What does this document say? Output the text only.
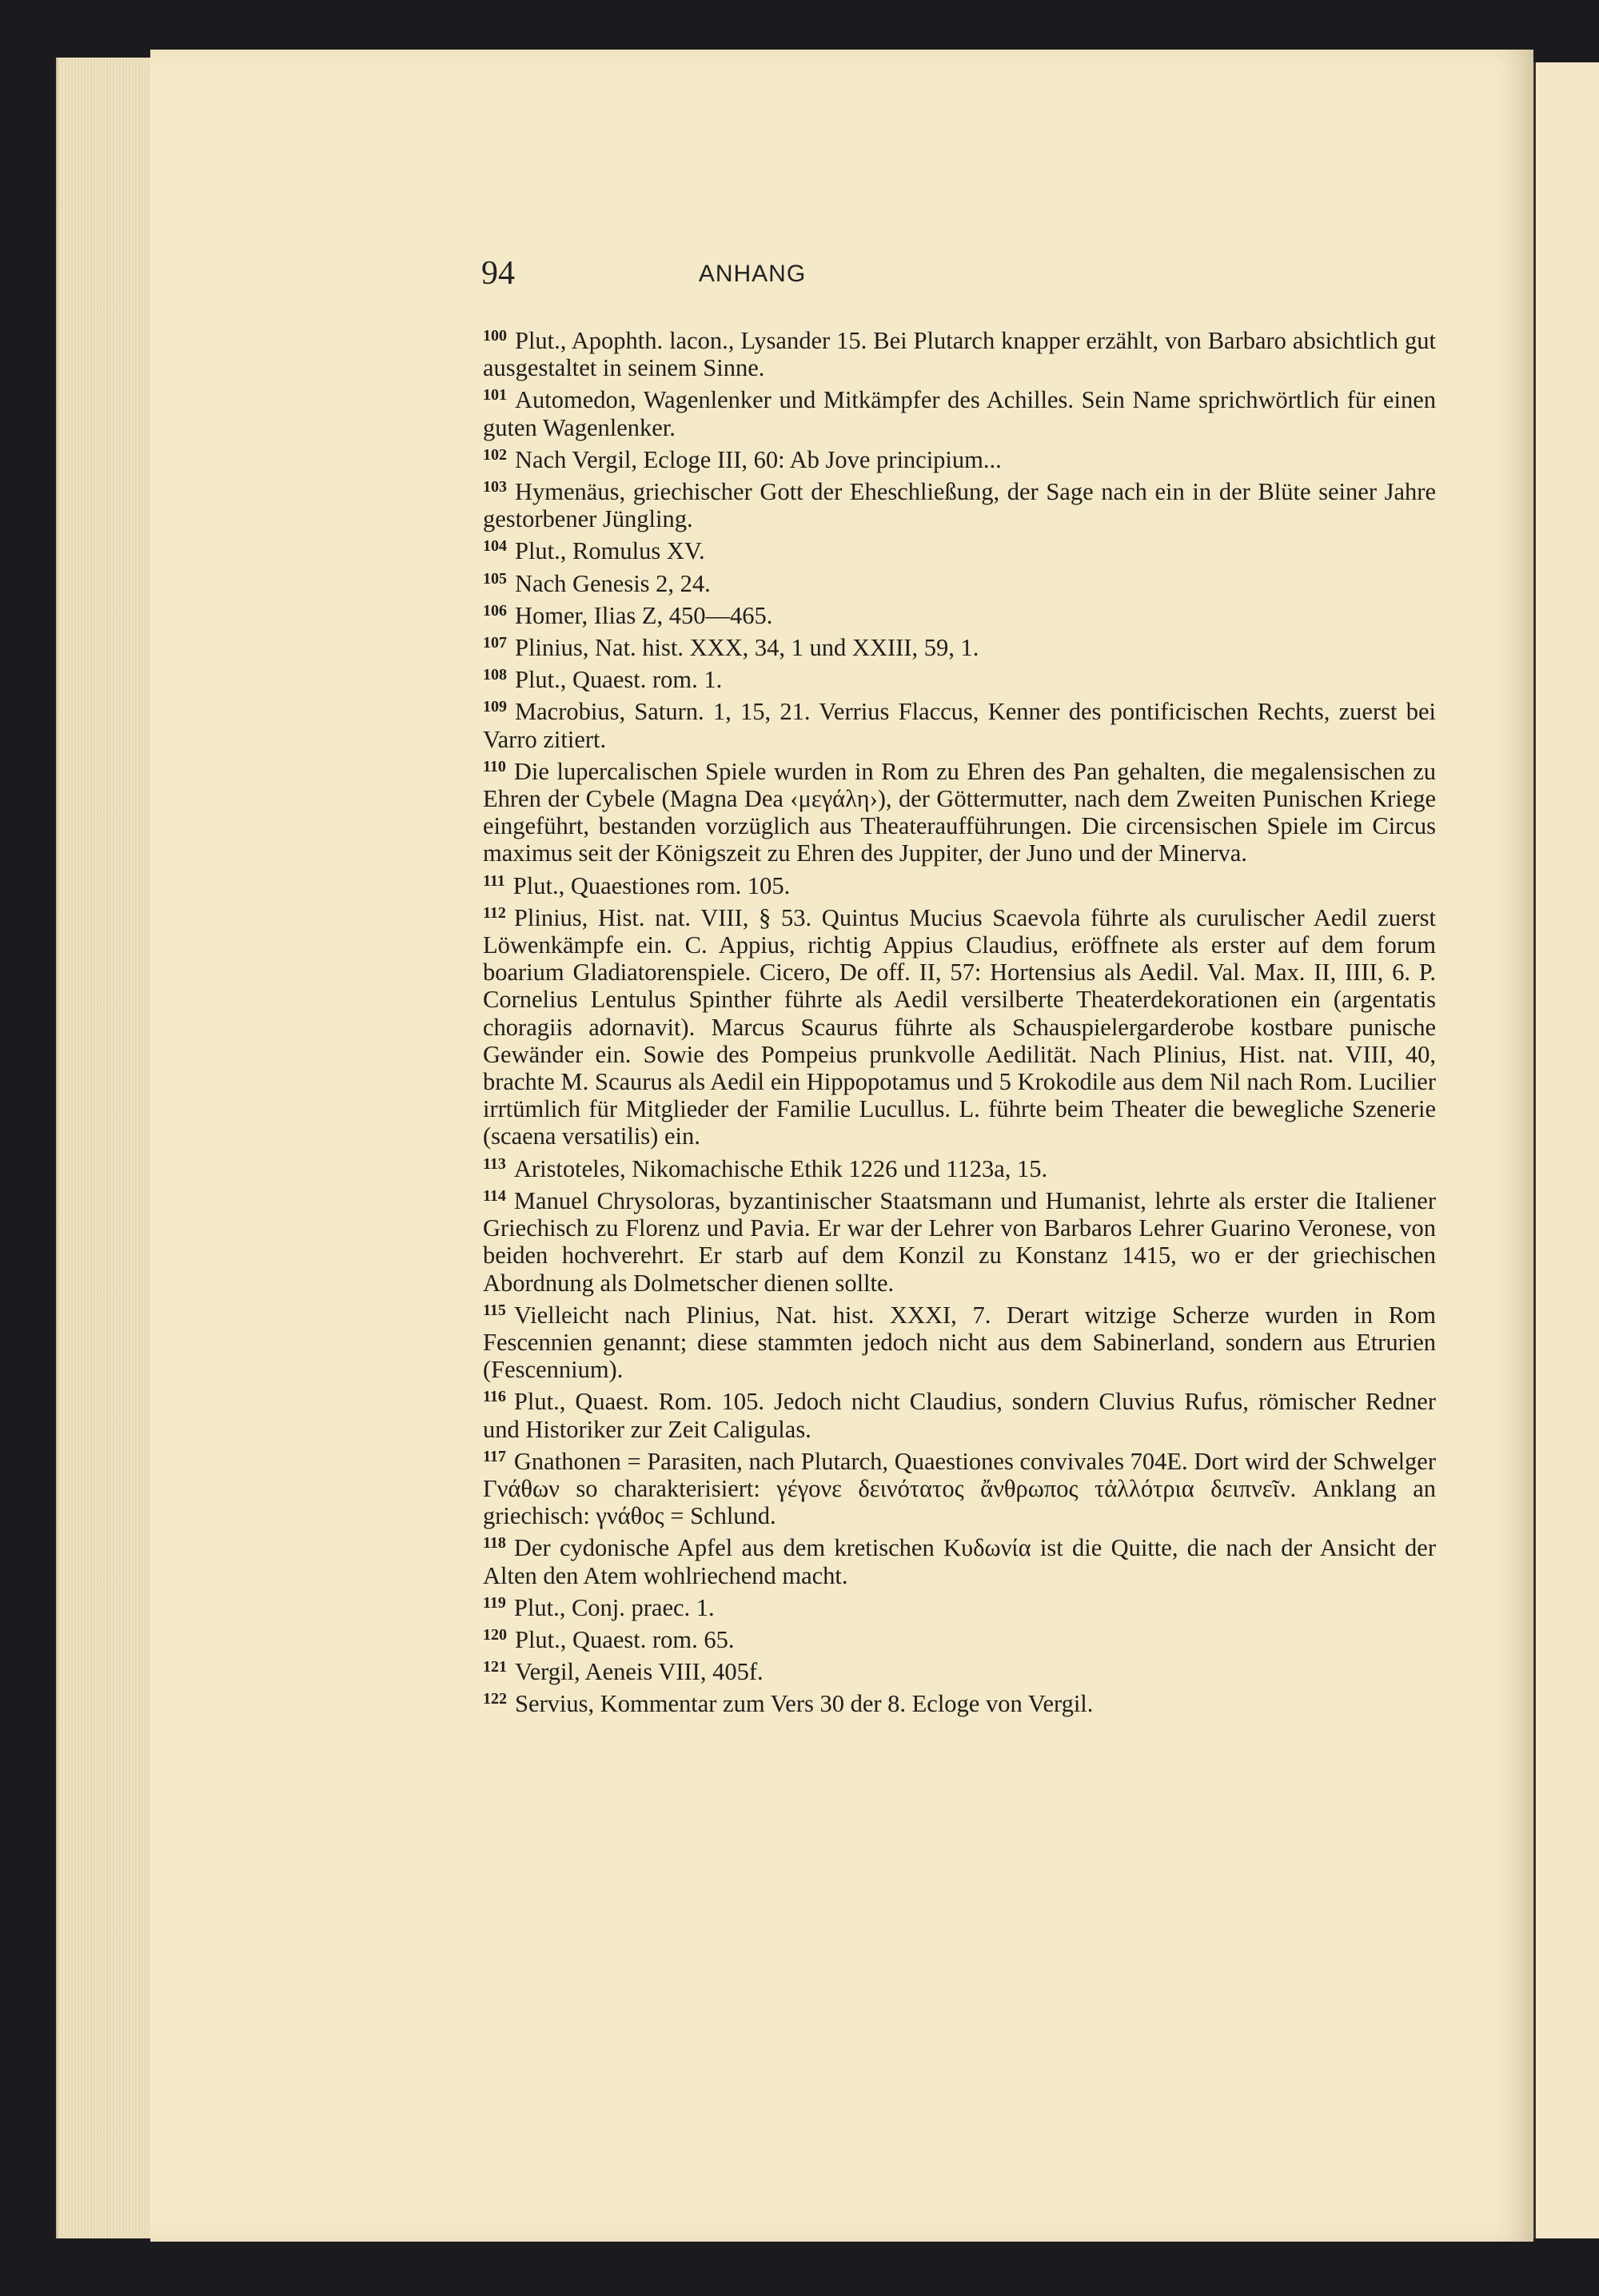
94	ANHANG

$^{100}$ Plut., Apophth. lacon., Lysander 15. Bei Plutarch knapper erzählt, von Barbaro absichtlich gut ausgestaltet in seinem Sinne.

$^{101}$ Automedon, Wagenlenker und Mitkämpfer des Achilles. Sein Name sprichwörtlich für einen guten Wagenlenker.

$^{102}$ Nach Vergil, Ecloge III, 60: Ab Jove principium...

$^{103}$ Hymenäus, griechischer Gott der Eheschließung, der Sage nach ein in der Blüte seiner Jahre gestorbener Jüngling.

$^{104}$ Plut., Romulus XV.

$^{105}$ Nach Genesis 2, 24.

$^{106}$ Homer, Ilias Z, 450—465.

$^{107}$ Plinius, Nat. hist. XXX, 34, 1 und XXIII, 59, 1.

$^{108}$ Plut., Quaest. rom. 1.

$^{109}$ Macrobius, Saturn. 1, 15, 21. Verrius Flaccus, Kenner des pontificischen Rechts, zuerst bei Varro zitiert.

$^{110}$ Die lupercalischen Spiele wurden in Rom zu Ehren des Pan gehalten, die megalensischen zu Ehren der Cybele (Magna Dea ‹μεγάλη›), der Göttermutter, nach dem Zweiten Punischen Kriege eingeführt, bestanden vorzüglich aus Theateraufführungen. Die circensischen Spiele im Circus maximus seit der Königszeit zu Ehren des Juppiter, der Juno und der Minerva.

$^{111}$ Plut., Quaestiones rom. 105.

$^{112}$ Plinius, Hist. nat. VIII, § 53. Quintus Mucius Scaevola führte als curulischer Aedil zuerst Löwenkämpfe ein. C. Appius, richtig Appius Claudius, eröffnete als erster auf dem forum boarium Gladiatorenspiele. Cicero, De off. II, 57: Hortensius als Aedil. Val. Max. II, IIII, 6. P. Cornelius Lentulus Spinther führte als Aedil versilberte Theaterdekorationen ein (argentatis choragiis adornavit). Marcus Scaurus führte als Schauspielergarderobe kostbare punische Gewänder ein. Sowie des Pompeius prunkvolle Aedilität. Nach Plinius, Hist. nat. VIII, 40, brachte M. Scaurus als Aedil ein Hippopotamus und 5 Krokodile aus dem Nil nach Rom. Lucilier irrtümlich für Mitglieder der Familie Lucullus. L. führte beim Theater die bewegliche Szenerie (scaena versatilis) ein.

$^{113}$ Aristoteles, Nikomachische Ethik 1226 und 1123a, 15.

$^{114}$ Manuel Chrysoloras, byzantinischer Staatsmann und Humanist, lehrte als erster die Italiener Griechisch zu Florenz und Pavia. Er war der Lehrer von Barbaros Lehrer Guarino Veronese, von beiden hochverehrt. Er starb auf dem Konzil zu Konstanz 1415, wo er der griechischen Abordnung als Dolmetscher dienen sollte.

$^{115}$ Vielleicht nach Plinius, Nat. hist. XXXI, 7. Derart witzige Scherze wurden in Rom Fescennien genannt; diese stammten jedoch nicht aus dem Sabinerland, sondern aus Etrurien (Fescennium).

$^{116}$ Plut., Quaest. Rom. 105. Jedoch nicht Claudius, sondern Cluvius Rufus, römischer Redner und Historiker zur Zeit Caligulas.

$^{117}$ Gnathonen = Parasiten, nach Plutarch, Quaestiones convivales 704E. Dort wird der Schwelger Γνάθων so charakterisiert: γέγονε δεινότατος ἄνθρωπος τἀλλότρια δειπνεῖν. Anklang an griechisch: γνάθος = Schlund.

$^{118}$ Der cydonische Apfel aus dem kretischen Κυδωνία ist die Quitte, die nach der Ansicht der Alten den Atem wohlriechend macht.

$^{119}$ Plut., Conj. praec. 1.

$^{120}$ Plut., Quaest. rom. 65.

$^{121}$ Vergil, Aeneis VIII, 405f.

$^{122}$ Servius, Kommentar zum Vers 30 der 8. Ecloge von Vergil.
